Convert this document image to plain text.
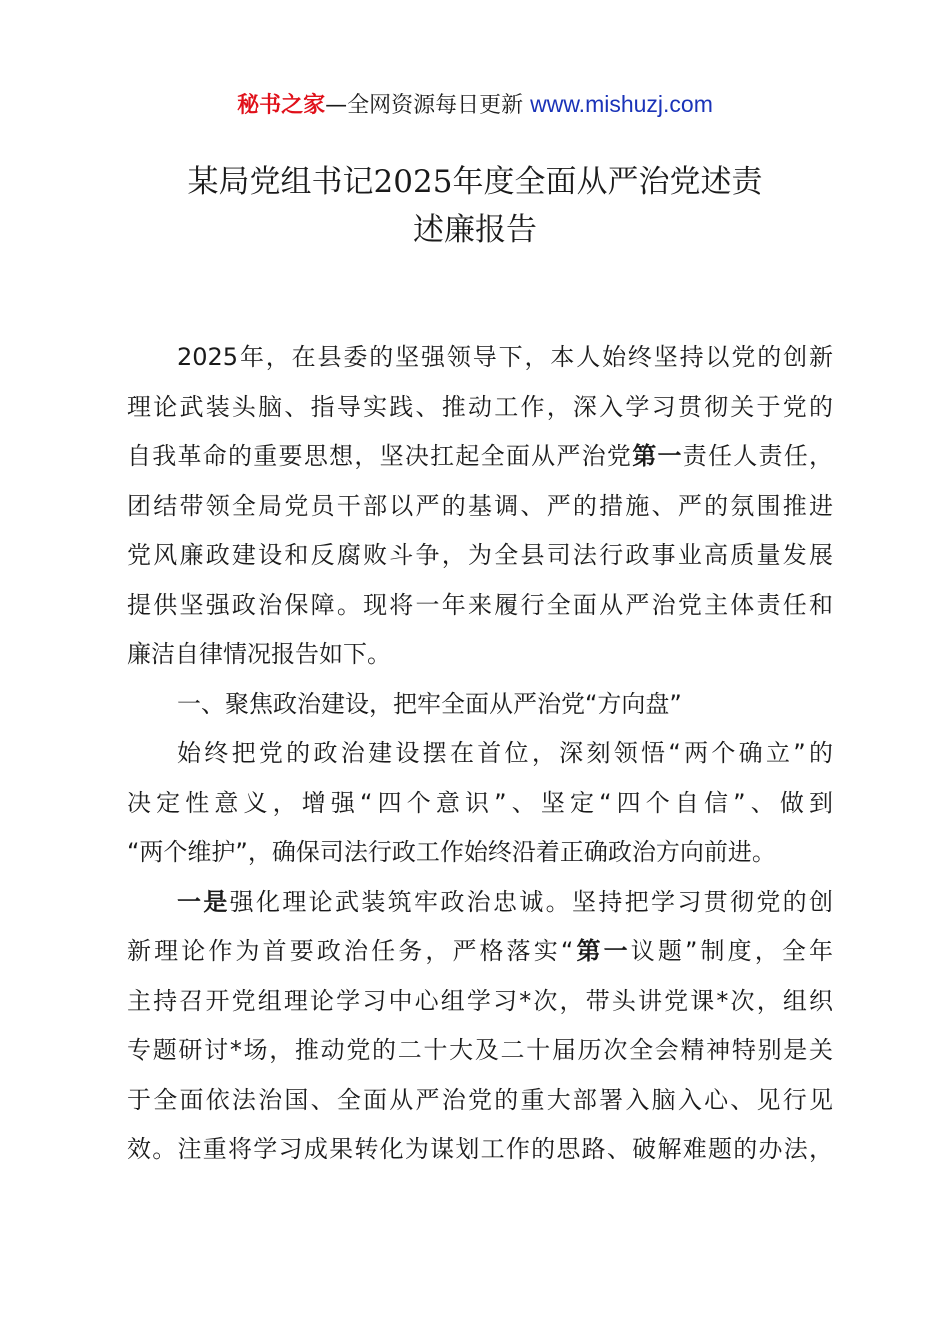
秘书之家—全网资源每日更新 www.mishuzj.com
某局党组书记2025年度全面从严治党述责
述廉报告
2025年，在县委的坚强领导下，本人始终坚持以党的创新
理论武装头脑、指导实践、推动工作，深入学习贯彻关于党的
自我革命的重要思想，坚决扛起全面从严治党第一责任人责任，
团结带领全局党员干部以严的基调、严的措施、严的氛围推进
党风廉政建设和反腐败斗争，为全县司法行政事业高质量发展
提供坚强政治保障。现将一年来履行全面从严治党主体责任和
廉洁自律情况报告如下。
一、聚焦政治建设，把牢全面从严治党“方向盘”
始终把党的政治建设摆在首位，深刻领悟“两个确立”的
决定性意义，增强“四个意识”、坚定“四个自信”、做到
“两个维护”，确保司法行政工作始终沿着正确政治方向前进。
一是强化理论武装筑牢政治忠诚。坚持把学习贯彻党的创
新理论作为首要政治任务，严格落实“第一议题”制度，全年
主持召开党组理论学习中心组学习*次，带头讲党课*次，组织
专题研讨*场，推动党的二十大及二十届历次全会精神特别是关
于全面依法治国、全面从严治党的重大部署入脑入心、见行见
效。注重将学习成果转化为谋划工作的思路、破解难题的办法，
